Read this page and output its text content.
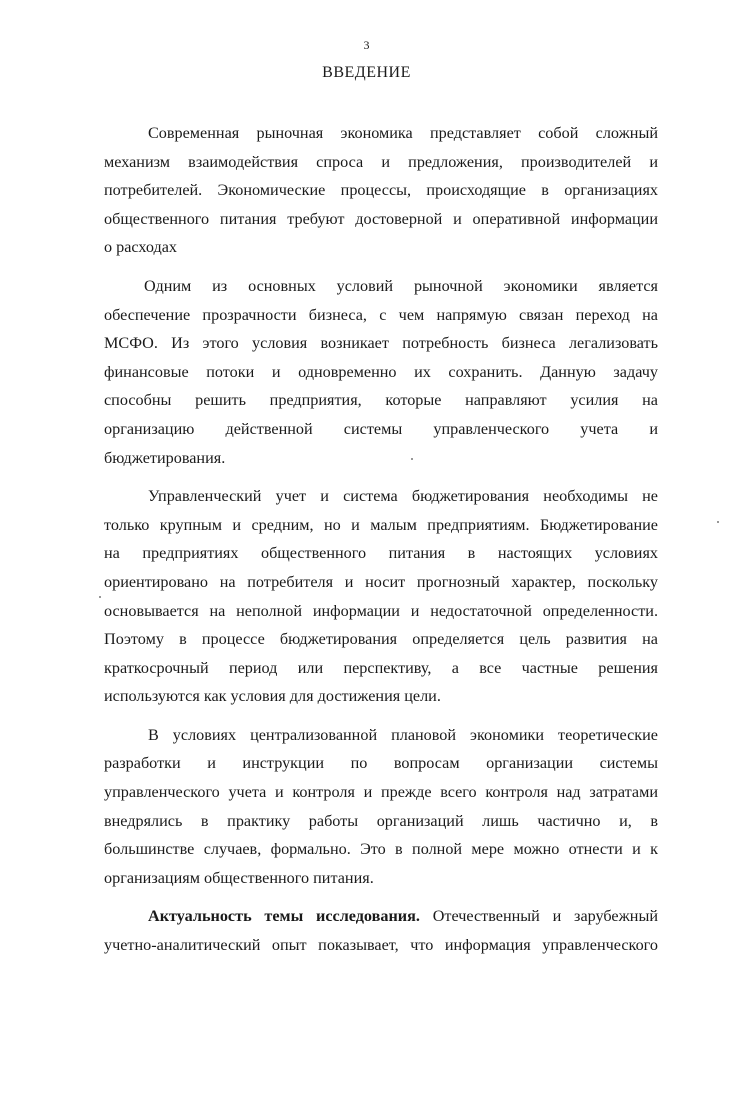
3
ВВЕДЕНИЕ

Современная рыночная экономика представляет собой сложный
механизм взаимодействия спроса и предложения, производителей и
потребителей. Экономические процессы, происходящие в организациях
общественного питания требуют достоверной и оперативной информации
о расходах

Одним из основных условий рыночной экономики является
обеспечение прозрачности бизнеса, с чем напрямую связан переход на
МСФО. Из этого условия возникает потребность бизнеса легализовать
финансовые потоки и одновременно их сохранить. Данную задачу
способны решить предприятия, которые направляют усилия на
организацию действенной системы управленческого учета и
бюджетирования.

Управленческий учет и система бюджетирования необходимы не
только крупным и средним, но и малым предприятиям. Бюджетирование
на предприятиях общественного питания в настоящих условиях
ориентировано на потребителя и носит прогнозный характер, поскольку
основывается на неполной информации и недостаточной определенности.
Поэтому в процессе бюджетирования определяется цель развития на
краткосрочный период или перспективу, а все частные решения
используются как условия для достижения цели.

В условиях централизованной плановой экономики теоретические
разработки и инструкции по вопросам организации системы
управленческого учета и контроля и прежде всего контроля над затратами
внедрялись в практику работы организаций лишь частично и, в
большинстве случаев, формально. Это в полной мере можно отнести и к
организациям общественного питания.

Актуальность темы исследования. Отечественный и зарубежный
учетно-аналитический опыт показывает, что информация управленческого
